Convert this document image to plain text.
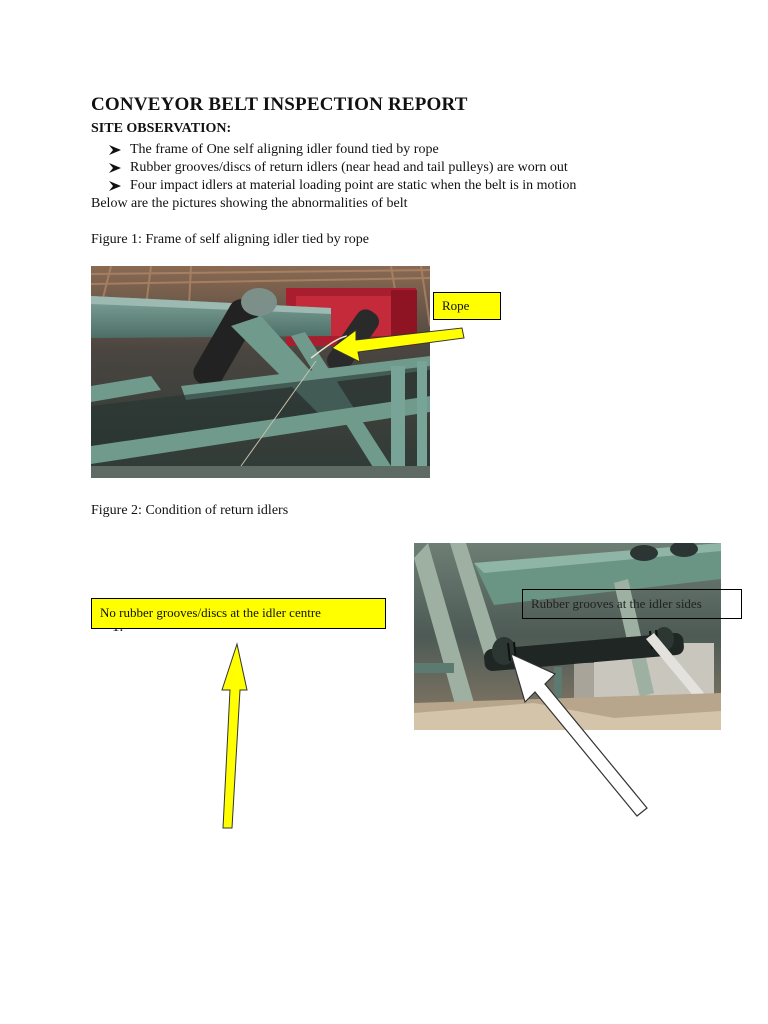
CONVEYOR BELT INSPECTION REPORT
SITE OBSERVATION:
The frame of One self aligning idler found tied by rope
Rubber grooves/discs of return idlers (near head and tail pulleys) are worn out
Four impact idlers at material loading point are static when the belt is in motion
Below are the pictures showing the abnormalities of belt
Figure 1: Frame of self aligning idler tied by rope
Rope
Figure 2: Condition of return idlers
No rubber grooves/discs at the idler centre
Rubber grooves at the idler sides
